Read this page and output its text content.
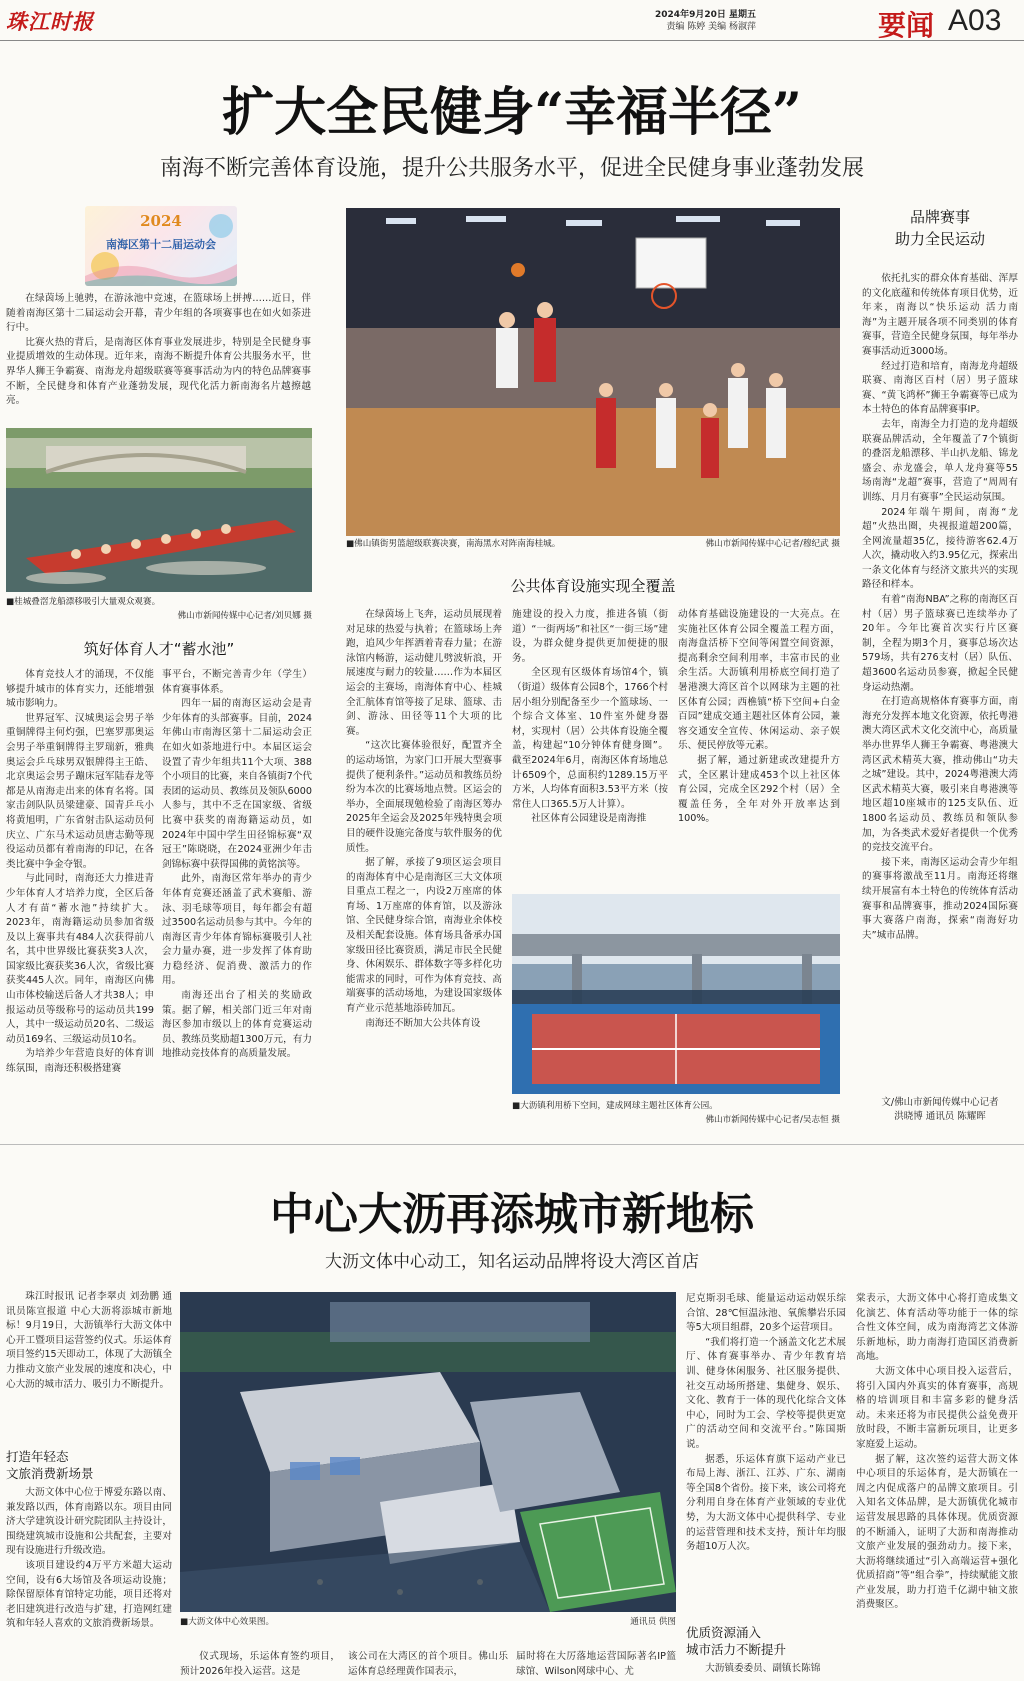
珠江时报	2024年9月20日 星期五
责编 陈婷 美编 杨淑萍	要闻 A03
扩大全民健身“幸福半径”
南海不断完善体育设施，提升公共服务水平，促进全民健身事业蓬勃发展
2024
南海区第十二届运动会

在绿茵场上驰骋，在游泳池中竞速，在篮球场上拼搏……近日，伴随着南海区第十二届运动会开幕，青少年组的各项赛事也在如火如荼进行中。

比赛火热的背后，是南海区体育事业发展进步，特别是全民健身事业提质增效的生动体现。近年来，南海不断提升体育公共服务水平，世界华人狮王争霸赛、南海龙舟超级联赛等赛事活动为内的特色品牌赛事不断，全民健身和体育产业蓬勃发展，现代化活力新南海名片越擦越亮。

■桂城叠滘龙船漂移吸引大量观众观赛。
佛山市新闻传媒中心记者/刘贝娜 摄
筑好体育人才“蓄水池”

体育竞技人才的涌现，不仅能够提升城市的体育实力，还能增强城市影响力。

世界冠军、汉城奥运会男子举重铜牌得主何灼强，巴塞罗那奥运会男子举重铜牌得主罗瑞新，雅典奥运会乒乓球男双银牌得主王皓、北京奥运会男子蹦床冠军陆春龙等都是从南海走出来的体育名将。国家击剑队队员梁建豪、国青乒乓小将黄旭明，广东省射击队运动员何庆立、广东马术运动员唐志勤等现役运动员都有着南海的印记，在各类比赛中争金夺银。

与此同时，南海还大力推进青少年体育人才培养力度，全区后备人才有苗“蓄水池”持续扩大。2023年，南海籍运动员参加省级及以上赛事共有484人次获得前八名，其中世界级比赛获奖3人次，国家级比赛获奖36人次，省级比赛获奖445人次。同年，南海区向佛山市体校输送后备人才共38人；申报运动员等级称号的运动员共199人，其中一级运动员20名、二级运动员169名、三级运动员10名。

为培养少年营造良好的体育训练氛围，南海还积极搭建赛

事平台，不断完善青少年（学生）体育赛事体系。

四年一届的南海区运动会是青少年体育的头部赛事。目前，2024年佛山市南海区第十二届运动会正在如火如荼地进行中。本届区运会设置了青少年组共11个大项、388个小项目的比赛，来自各镇街7个代表团的运动员、教练员及领队6000人参与，其中不乏在国家级、省级比赛中获奖的南海籍运动员，如2024年中国中学生田径锦标赛“双冠王”陈晓晓，在2024亚洲少年击剑锦标赛中获得国佛的黄铭滨等。

此外，南海区常年举办的青少年体育竞赛还涵盖了武术赛船、游泳、羽毛球等项目，每年都会有超过3500名运动员参与其中。今年的南海区青少年体育锦标赛吸引人社会力量办赛，进一步发挥了体育助力稳经济、促消费、激活力的作用。

南海还出台了相关的奖励政策。据了解，相关部门近三年对南海区参加市级以上的体育竞赛运动员、教练员奖励超1300万元，有力地推动竞技体育的高质量发展。

■佛山镇街男篮超级联赛决赛，南海黑水对阵南海桂城。	佛山市新闻传媒中心记者/穆纪武 摄
公共体育设施实现全覆盖

在绿茵场上飞奔，运动员展现着对足球的热爱与执着；在篮球场上奔跑，追风少年挥洒着青春力量；在游泳馆内畅游，运动健儿劈波斩浪，开展速度与耐力的较量……作为本届区运会的主赛场，南海体育中心、桂城全汇航体育馆等接了足球、篮球、击剑、游泳、田径等11个大项的比赛。

“这次比赛体验很好，配置齐全的运动场馆，为家门口开展大型赛事提供了便利条件。”运动员和教练员纷纷为本次的比赛场地点赞。区运会的举办，全面展现勉检验了南海区筹办2025年全运会及2025年残特奥会项目的硬件设施完备度与软件服务的优质性。

据了解，承接了9项区运会项目的南海体育中心是南海区三大文体项目重点工程之一，内设2万座席的体育场、1万座席的体育馆，以及游泳馆、全民健身综合馆，南海业余体校及相关配套设施。体育场具备承办国家级田径比赛资质，满足市民全民健身、休闲娱乐、群体数字等多样化功能需求的同时，可作为体育竞技、高端赛事的活动场地，为建设国家级体育产业示范基地添砖加瓦。

南海还不断加大公共体育设

施建设的投入力度，推进各镇（街道）“一街两场”和社区“一街三场”建设，为群众健身提供更加便捷的服务。

全区现有区级体育场馆4个，镇（街道）级体育公园8个，1766个村居小组分别配备至少一个篮球场、一个综合文体室、10件室外健身器材，实现村（居）公共体育设施全覆盖，构建起“10分钟体育健身圈”。截至2024年6月，南海区体育场地总计6509个，总面积约1289.15万平方米，人均体育面积3.53平方米（按常住人口365.5万人计算）。

社区体育公园建设是南海推

动体育基础设施建设的一大亮点。在实施社区体育公园全覆盖工程方面，南海盘活桥下空间等闲置空间资源，提高剩余空间利用率，丰富市民的业余生活。大沥镇利用桥底空间打造了暑港澳大湾区首个以网球为主题的社区体育公园；西樵镇“桥下空间+白金百园”建成交通主题社区体育公园，兼容交通安全宣传、休闲运动、亲子娱乐、便民停放等元素。

据了解，通过新建或改建提升方式，全区累计建成453个以上社区体育公园，完成全区292个村（居）全覆盖任务，全年对外开放率达到100%。

■大沥镇利用桥下空间，建成网球主题社区体育公园。
佛山市新闻传媒中心记者/吴志恒 摄
品牌赛事
助力全民运动

依托扎实的群众体育基础、浑厚的文化底蕴和传统体育项目优势，近年来，南海以“快乐运动 活力南海”为主题开展各项不同类别的体育赛事，营造全民健身氛围，每年举办赛事活动近3000场。

经过打造和培育，南海龙舟超级联赛、南海区百村（居）男子篮球赛、“黄飞鸿杯”狮王争霸赛等已成为本土特色的体育品牌赛事IP。

去年，南海全力打造的龙舟超级联赛品牌活动，全年覆盖了7个镇街的叠滘龙船漂移、半山扒龙船、锦龙盛会、赤龙盛会，单人龙舟赛等55场南海“龙超”赛事，营造了“周周有训练、月月有赛事”全民运动氛围。

2024年端午期间，南海“龙超”火热出圈，央视报道超200篇，全网流量超35亿，接待游客62.4万人次，撬动收入约3.95亿元，探索出一条文化体育与经济文旅共兴的实现路径和样本。

有着“南海NBA”之称的南海区百村（居）男子篮球赛已连续举办了20年。今年比赛首次实行片区赛制，全程为期3个月，赛事总场次达579场，共有276支村（居）队伍、超3600名运动员参赛，掀起全民健身运动热潮。

在打造高规格体育赛事方面，南海充分发挥本地文化资源，依托粤港澳大湾区武术文化交流中心，高质量举办世界华人狮王争霸赛、粤港澳大湾区武术精英大赛，推动佛山“功夫之城”建设。其中，2024粤港澳大湾区武术精英大赛，吸引来自粤港澳等地区超10座城市的125支队伍、近1800名运动员、教练员和领队参加，为各类武术爱好者提供一个优秀的竞技交流平台。

接下来，南海区运动会青少年组的赛事将激战至11月。南海还将继续开展富有本土特色的传统体育活动赛事和品牌赛事，推动2024国际赛事大赛落户南海，探索“南海好功夫”城市品牌。

文/佛山市新闻传媒中心记者
洪晓博 通讯员 陈耀晖
中心大沥再添城市新地标
大沥文体中心动工，知名运动品牌将设大湾区首店

珠江时报讯 记者李翠贞 刘劲鹏 通讯员陈宣报道 中心大沥将添城市新地标！9月19日，大沥镇举行大沥文体中心开工暨项目运营签约仪式。乐运体育项目签约15天即动工，体现了大沥镇全力推动文旅产业发展的速度和决心，中心大沥的城市活力、吸引力不断提升。

打造年轻态
文旅消费新场景

大沥文体中心位于博爱东路以南、兼发路以西，体育南路以东。项目由同济大学建筑设计研究院团队主持设计，围绕建筑城市设施和公共配套，主要对现有设施进行升级改造。

该项目建设约4万平方米超大运动空间，设有6大场馆及各项运动设施；除保留原体育馆特定功能，项目还将对老旧建筑进行改造与扩建，打造网红建筑和年轻人喜欢的文旅消费新场景。	■大沥文体中心效果图。	通讯员 供图

仪式现场，乐运体育签约项目，预计2026年投入运营。这是

该公司在大湾区的首个项目。佛山乐运体育总经理黄作国表示，

届时将在大厉落地运营国际著名IP篮球馆、Wilson网球中心、尤

尼克斯羽毛球、能量运动运动娱乐综合馆、28℃恒温泳池、氧熊攀岩乐园等5大项目组群，20多个运营项目。

“我们将打造一个涵盖文化艺术展厅、体育赛事举办、青少年教育培训、健身休闲服务、社区服务提供、社交互动场所搭建、集健身、娱乐、文化、教育于一体的现代化综合文体中心，同时为工会、学校等提供更宽广的活动空间和交流平台。”陈国斯说。

据悉，乐运体育旗下运动产业已布局上海、浙江、江苏、广东、湖南等全国8个省份。接下来，该公司将充分利用自身在体育产业领域的专业优势，为大沥文体中心提供科学、专业的运营管理和技术支持，预计年均服务超10万人次。

优质资源涌入
城市活力不断提升

大沥镇委委员、副镇长陈锦

棠表示，大沥文体中心将打造成集文化演艺、体育活动等功能于一体的综合性文体空间，成为南海湾艺文体游乐新地标，助力南海打造国区消费新高地。

大沥文体中心项目投入运营后，将引入国内外真实的体育赛事，高规格的培训项目和丰富多彩的健身活动。未来还将为市民提供公益免费开放时段，不断丰富新玩项目，让更多家庭爱上运动。

据了解，这次签约运营大沥文体中心项目的乐运体育，是大沥镇在一周之内促成落户的品牌文旅项目。引入知名文体品牌，是大沥镇优化城市运营发展思路的具体体现。优质资源的不断涌入，证明了大沥和南海推动文旅产业发展的强劲动力。接下来，大沥将继续通过“引入高端运营+强化优质招商”等“组合拳”，持续赋能文旅产业发展，助力打造千亿湖中轴文旅消费聚区。
